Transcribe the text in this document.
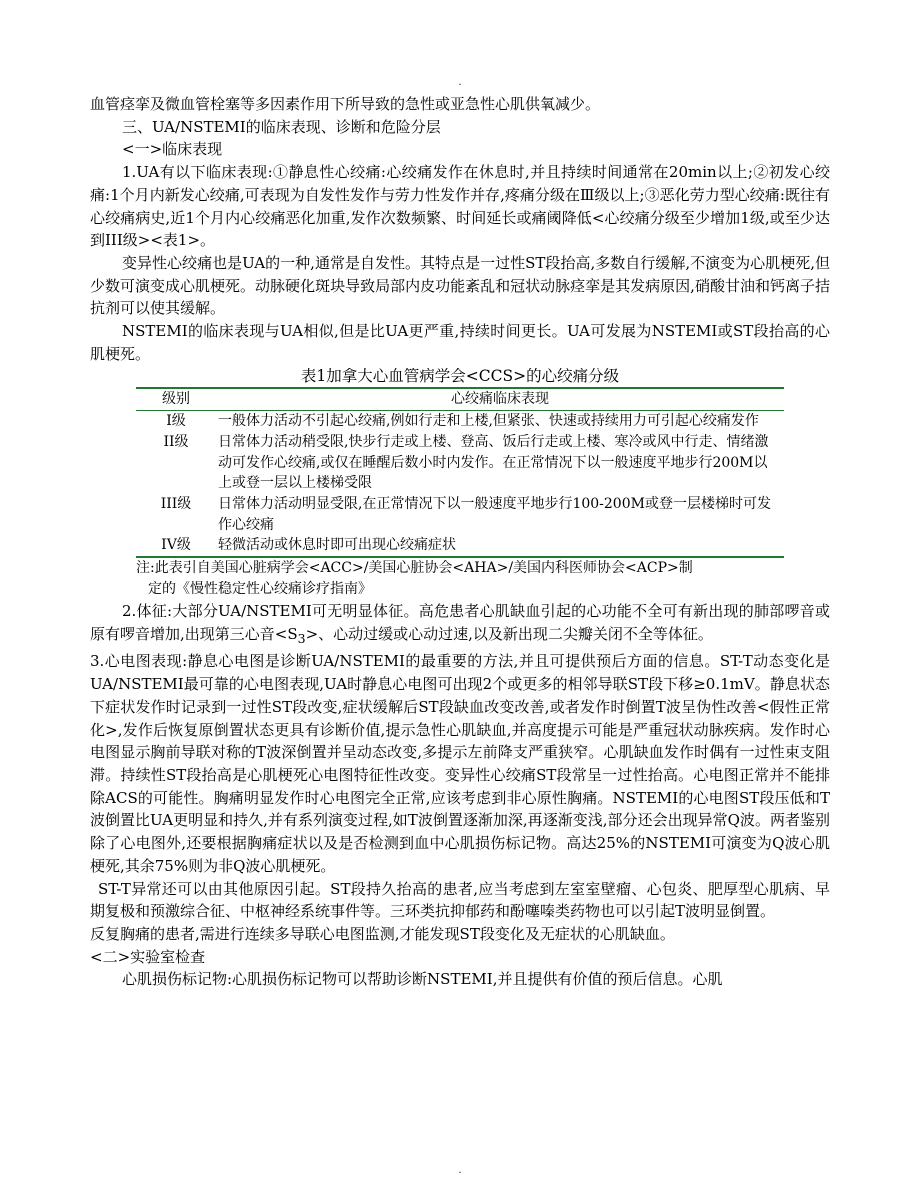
.

血管痉挛及微血管栓塞等多因素作用下所导致的急性或亚急性心肌供氧减少。

三、UA/NSTEMI的临床表现、诊断和危险分层

<一>临床表现

1.UA有以下临床表现:①静息性心绞痛:心绞痛发作在休息时,并且持续时间通常在20min以上;②初发心绞痛:1个月内新发心绞痛,可表现为自发性发作与劳力性发作并存,疼痛分级在Ⅲ级以上;③恶化劳力型心绞痛:既往有心绞痛病史,近1个月内心绞痛恶化加重,发作次数频繁、时间延长或痛阈降低<心绞痛分级至少增加1级,或至少达到III级><表1>。

变异性心绞痛也是UA的一种,通常是自发性。其特点是一过性ST段抬高,多数自行缓解,不演变为心肌梗死,但少数可演变成心肌梗死。动脉硬化斑块导致局部内皮功能紊乱和冠状动脉痉挛是其发病原因,硝酸甘油和钙离子拮抗剂可以使其缓解。

NSTEMI的临床表现与UA相似,但是比UA更严重,持续时间更长。UA可发展为NSTEMI或ST段抬高的心肌梗死。

表1加拿大心血管病学会<CCS>的心绞痛分级

级别	心绞痛临床表现
I级	一般体力活动不引起心绞痛,例如行走和上楼,但紧张、快速或持续用力可引起心绞痛发作
II级	日常体力活动稍受限,快步行走或上楼、登高、饭后行走或上楼、寒冷或风中行走、情绪激动可发作心绞痛,或仅在睡醒后数小时内发作。在正常情况下以一般速度平地步行200M以上或登一层以上楼梯受限
III级	日常体力活动明显受限,在正常情况下以一般速度平地步行100-200M或登一层楼梯时可发作心绞痛
IV级	轻微活动或休息时即可出现心绞痛症状

注:此表引自美国心脏病学会<ACC>/美国心脏协会<AHA>/美国内科医师协会<ACP>制

定的《慢性稳定性心绞痛诊疗指南》

2.体征:大部分UA/NSTEMI可无明显体征。高危患者心肌缺血引起的心功能不全可有新出现的肺部啰音或原有啰音增加,出现第三心音$<S_3>$、心动过缓或心动过速,以及新出现二尖瓣关闭不全等体征。

3.心电图表现:静息心电图是诊断UA/NSTEMI的最重要的方法,并且可提供预后方面的信息。ST-T动态变化是UA/NSTEMI最可靠的心电图表现,UA时静息心电图可出现2个或更多的相邻导联ST段下移≥0.1mV。静息状态下症状发作时记录到一过性ST段改变,症状缓解后ST段缺血改变改善,或者发作时倒置T波呈伪性改善<假性正常化>,发作后恢复原倒置状态更具有诊断价值,提示急性心肌缺血,并高度提示可能是严重冠状动脉疾病。发作时心电图显示胸前导联对称的T波深倒置并呈动态改变,多提示左前降支严重狭窄。心肌缺血发作时偶有一过性束支阻滞。持续性ST段抬高是心肌梗死心电图特征性改变。变异性心绞痛ST段常呈一过性抬高。心电图正常并不能排除ACS的可能性。胸痛明显发作时心电图完全正常,应该考虑到非心原性胸痛。NSTEMI的心电图ST段压低和T波倒置比UA更明显和持久,并有系列演变过程,如T波倒置逐渐加深,再逐渐变浅,部分还会出现异常Q波。两者鉴别除了心电图外,还要根据胸痛症状以及是否检测到血中心肌损伤标记物。高达25%的NSTEMI可演变为Q波心肌梗死,其余75%则为非Q波心肌梗死。

ST-T异常还可以由其他原因引起。ST段持久抬高的患者,应当考虑到左室室壁瘤、心包炎、肥厚型心肌病、早期复极和预激综合征、中枢神经系统事件等。三环类抗抑郁药和酚噻嗪类药物也可以引起T波明显倒置。

反复胸痛的患者,需进行连续多导联心电图监测,才能发现ST段变化及无症状的心肌缺血。

<二>实验室检查

心肌损伤标记物:心肌损伤标记物可以帮助诊断NSTEMI,并且提供有价值的预后信息。心肌

.
